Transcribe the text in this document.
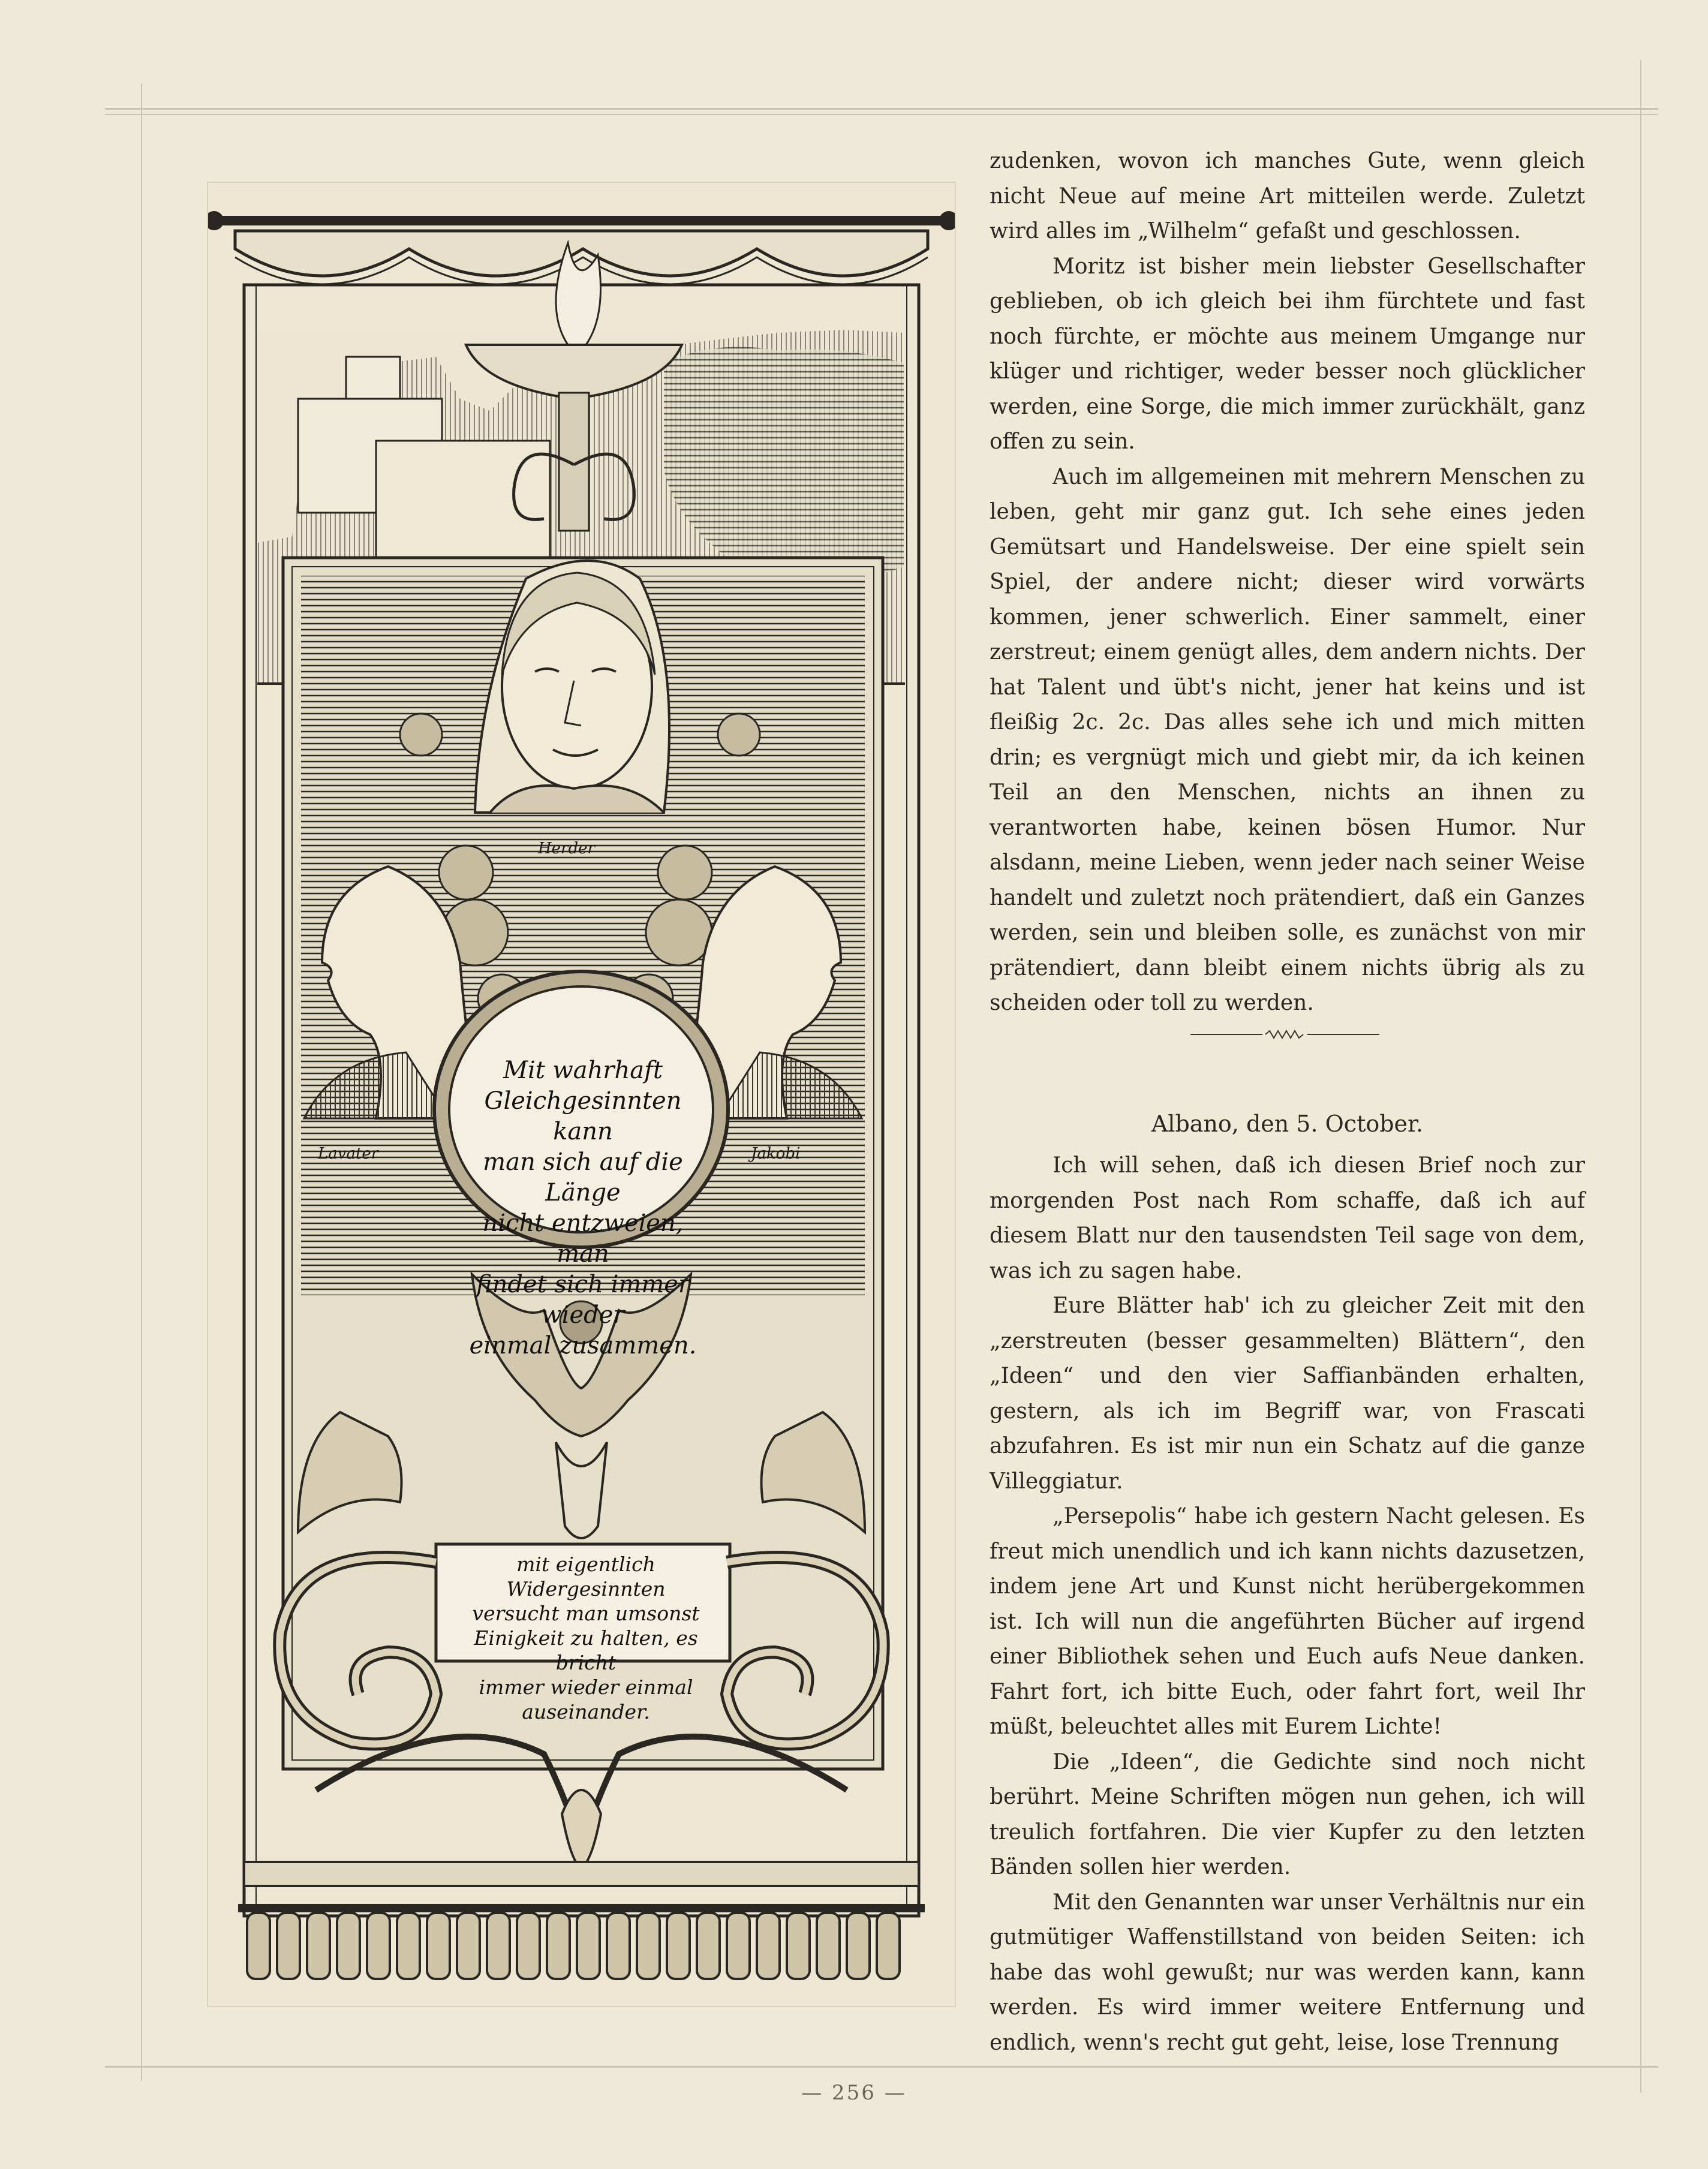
Mit wahrhaft
Gleichgesinnten kann
man sich auf die Länge
nicht entzweien, man
findet sich immer wieder
einmal zusammen.
mit eigentlich Widergesinnten
versucht man umsonst
Einigkeit zu halten, es bricht
immer wieder einmal auseinander.
Herder
Lavater	Jakobi

zudenken, wovon ich manches Gute, wenn gleich nicht Neue auf meine Art mitteilen werde. Zuletzt wird alles im „Wilhelm“ gefaßt und geschlossen.

Moritz ist bisher mein liebster Gesellschafter geblieben, ob ich gleich bei ihm fürchtete und fast noch fürchte, er möchte aus meinem Umgange nur klüger und richtiger, weder besser noch glücklicher werden, eine Sorge, die mich immer zurückhält, ganz offen zu sein.

Auch im allgemeinen mit mehrern Menschen zu leben, geht mir ganz gut. Ich sehe eines jeden Gemütsart und Handelsweise. Der eine spielt sein Spiel, der andere nicht; dieser wird vorwärts kommen, jener schwerlich. Einer sammelt, einer zerstreut; einem genügt alles, dem andern nichts. Der hat Talent und übt's nicht, jener hat keins und ist fleißig 2c. 2c. Das alles sehe ich und mich mitten drin; es vergnügt mich und giebt mir, da ich keinen Teil an den Menschen, nichts an ihnen zu verantworten habe, keinen bösen Humor. Nur alsdann, meine Lieben, wenn jeder nach seiner Weise handelt und zuletzt noch prätendiert, daß ein Ganzes werden, sein und bleiben solle, es zunächst von mir prätendiert, dann bleibt einem nichts übrig als zu scheiden oder toll zu werden.

Albano, den 5. October.

Ich will sehen, daß ich diesen Brief noch zur morgenden Post nach Rom schaffe, daß ich auf diesem Blatt nur den tausendsten Teil sage von dem, was ich zu sagen habe.

Eure Blätter hab' ich zu gleicher Zeit mit den „zerstreuten (besser gesammelten) Blättern“, den „Ideen“ und den vier Saffianbänden erhalten, gestern, als ich im Begriff war, von Frascati abzufahren. Es ist mir nun ein Schatz auf die ganze Villeggiatur.

„Persepolis“ habe ich gestern Nacht gelesen. Es freut mich unendlich und ich kann nichts dazusetzen, indem jene Art und Kunst nicht herübergekommen ist. Ich will nun die angeführten Bücher auf irgend einer Bibliothek sehen und Euch aufs Neue danken. Fahrt fort, ich bitte Euch, oder fahrt fort, weil Ihr müßt, beleuchtet alles mit Eurem Lichte!

Die „Ideen“, die Gedichte sind noch nicht berührt. Meine Schriften mögen nun gehen, ich will treulich fortfahren. Die vier Kupfer zu den letzten Bänden sollen hier werden.

Mit den Genannten war unser Verhältnis nur ein gutmütiger Waffenstillstand von beiden Seiten: ich habe das wohl gewußt; nur was werden kann, kann werden. Es wird immer weitere Entfernung und endlich, wenn's recht gut geht, leise, lose Trennung

— 256 —
